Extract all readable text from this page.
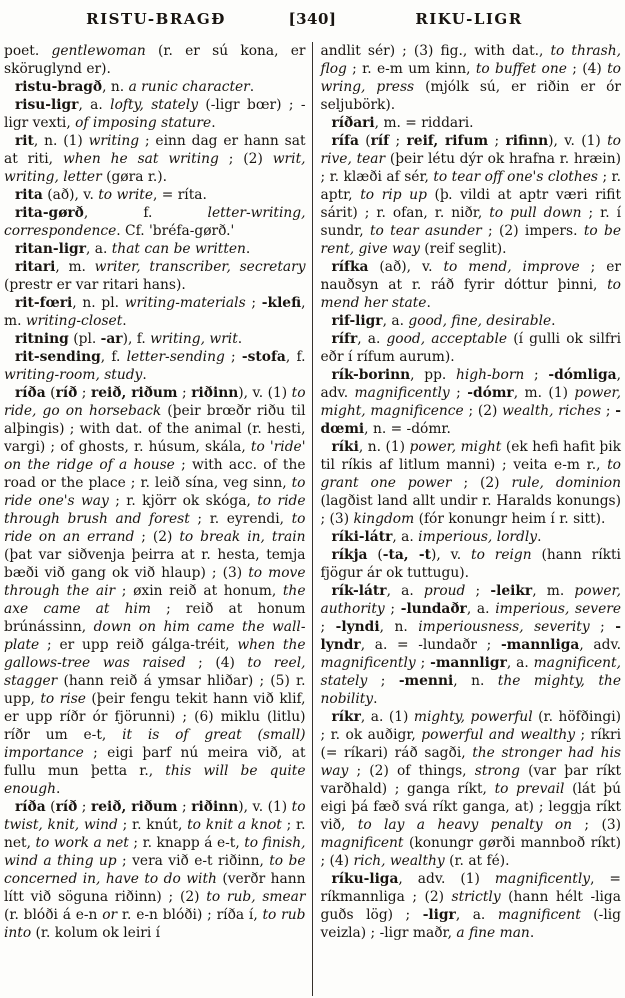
RISTU-BRAGÐ	[340]	RIKU-LIGR

poet. gentlewoman (r. er sú kona, er sköruglynd er).

ristu-bragð, n. a runic character.

risu-ligr, a. lofty, stately (-ligr bœr) ; -ligr vexti, of imposing stature.

rit, n. (1) writing ; einn dag er hann sat at riti, when he sat writing ; (2) writ, writing, letter (gøra r.).

rita (að), v. to write, = ríta.

rita-gørð, f. letter-writing, correspondence. Cf. 'bréfa-gørð.'

ritan-ligr, a. that can be written.

ritari, m. writer, transcriber, secretary (prestr er var ritari hans).

rit-fœri, n. pl. writing-materials ; -klefi, m. writing-closet.

ritning (pl. -ar), f. writing, writ.

rit-sending, f. letter-sending ; -stofa, f. writing-room, study.

ríða (ríð ; reið, riðum ; riðinn), v. (1) to ride, go on horseback (þeir brœðr riðu til alþingis) ; with dat. of the animal (r. hesti, vargi) ; of ghosts, r. húsum, skála, to 'ride' on the ridge of a house ; with acc. of the road or the place ; r. leið sína, veg sinn, to ride one's way ; r. kjörr ok skóga, to ride through brush and forest ; r. eyrendi, to ride on an errand ; (2) to break in, train (þat var siðvenja þeirra at r. hesta, temja bæði við gang ok við hlaup) ; (3) to move through the air ; øxin reið at honum, the axe came at him ; reið at honum brúnássinn, down on him came the wall-plate ; er upp reið gálga-tréit, when the gallows-tree was raised ; (4) to reel, stagger (hann reið á ymsar hliðar) ; (5) r. upp, to rise (þeir fengu tekit hann við klif, er upp ríðr ór fjörunni) ; (6) miklu (litlu) ríðr um e-t, it is of great (small) importance ; eigi þarf nú meira við, at fullu mun þetta r., this will be quite enough.

ríða (ríð ; reið, riðum ; riðinn), v. (1) to twist, knit, wind ; r. knút, to knit a knot ; r. net, to work a net ; r. knapp á e-t, to finish, wind a thing up ; vera við e-t riðinn, to be concerned in, have to do with (verðr hann lítt við söguna riðinn) ; (2) to rub, smear (r. blóði á e-n or r. e-n blóði) ; ríða í, to rub into (r. kolum ok leiri í

andlit sér) ; (3) fig., with dat., to thrash, flog ; r. e-m um kinn, to buffet one ; (4) to wring, press (mjólk sú, er riðin er ór seljubörk).

ríðari, m. = riddari.

rífa (ríf ; reif, rifum ; rifinn), v. (1) to rive, tear (þeir létu dýr ok hrafna r. hræin) ; r. klæði af sér, to tear off one's clothes ; r. aptr, to rip up (þ. vildi at aptr væri rifit sárit) ; r. ofan, r. niðr, to pull down ; r. í sundr, to tear asunder ; (2) impers. to be rent, give way (reif seglit).

rífka (að), v. to mend, improve ; er nauðsyn at r. ráð fyrir dóttur þinni, to mend her state.

rif-ligr, a. good, fine, desirable.

rífr, a. good, acceptable (í gulli ok silfri eðr í rífum aurum).

rík-borinn, pp. high-born ; -dómliga, adv. magnificently ; -dómr, m. (1) power, might, magnificence ; (2) wealth, riches ; -dœmi, n. = -dómr.

ríki, n. (1) power, might (ek hefi hafit þik til ríkis af litlum manni) ; veita e-m r., to grant one power ; (2) rule, dominion (lagðist land allt undir r. Haralds konungs) ; (3) kingdom (fór konungr heim í r. sitt).

ríki-látr, a. imperious, lordly.

ríkja (-ta, -t), v. to reign (hann ríkti fjögur ár ok tuttugu).

rík-látr, a. proud ; -leikr, m. power, authority ; -lundaðr, a. imperious, severe ; -lyndi, n. imperiousness, severity ; -lyndr, a. = -lundaðr ; -mannliga, adv. magnificently ; -mannligr, a. magnificent, stately ; -menni, n. the mighty, the nobility.

ríkr, a. (1) mighty, powerful (r. höfðingi) ; r. ok auðigr, powerful and wealthy ; ríkri (= ríkari) ráð sagði, the stronger had his way ; (2) of things, strong (var þar ríkt varðhald) ; ganga ríkt, to prevail (lát þú eigi þá fæð svá ríkt ganga, at) ; leggja ríkt við, to lay a heavy penalty on ; (3) magnificent (konungr gørði mannboð ríkt) ; (4) rich, wealthy (r. at fé).

ríku-liga, adv. (1) magnificently, = ríkmannliga ; (2) strictly (hann hélt -liga guðs lög) ; -ligr, a. magnificent (-lig veizla) ; -ligr maðr, a fine man.
